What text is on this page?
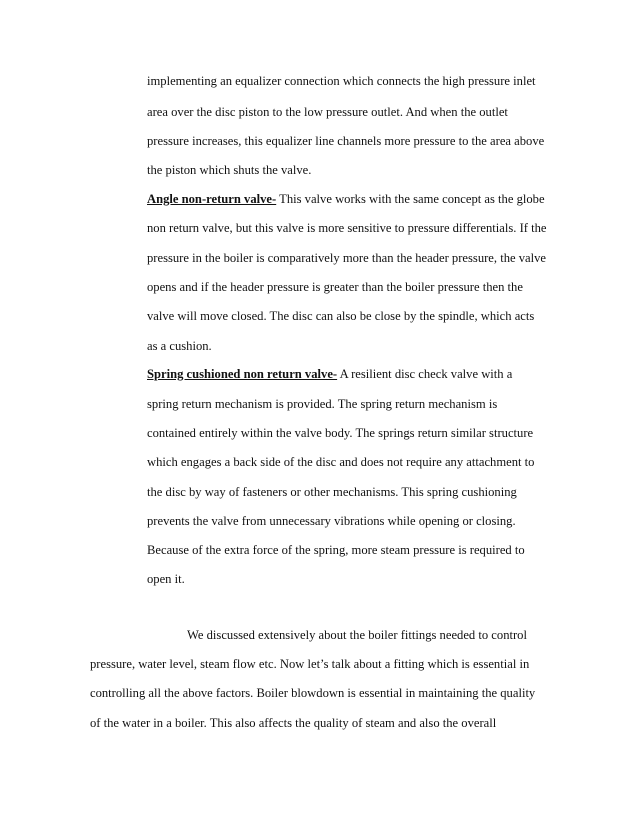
implementing an equalizer connection which connects the high pressure inlet
area over the disc piston to the low pressure outlet. And when the outlet
pressure increases, this equalizer line channels more pressure to the area above
the piston which shuts the valve.
Angle non-return valve- This valve works with the same concept as the globe
non return valve, but this valve is more sensitive to pressure differentials. If the
pressure in the boiler is comparatively more than the header pressure, the valve
opens and if the header pressure is greater than the boiler pressure then the
valve will move closed. The disc can also be close by the spindle, which acts
as a cushion.
Spring cushioned non return valve- A resilient disc check valve with a
spring return mechanism is provided. The spring return mechanism is
contained entirely within the valve body. The springs return similar structure
which engages a back side of the disc and does not require any attachment to
the disc by way of fasteners or other mechanisms. This spring cushioning
prevents the valve from unnecessary vibrations while opening or closing.
Because of the extra force of the spring, more steam pressure is required to
open it.
We discussed extensively about the boiler fittings needed to control
pressure, water level, steam flow etc. Now let’s talk about a fitting which is essential in
controlling all the above factors. Boiler blowdown is essential in maintaining the quality
of the water in a boiler. This also affects the quality of steam and also the overall
